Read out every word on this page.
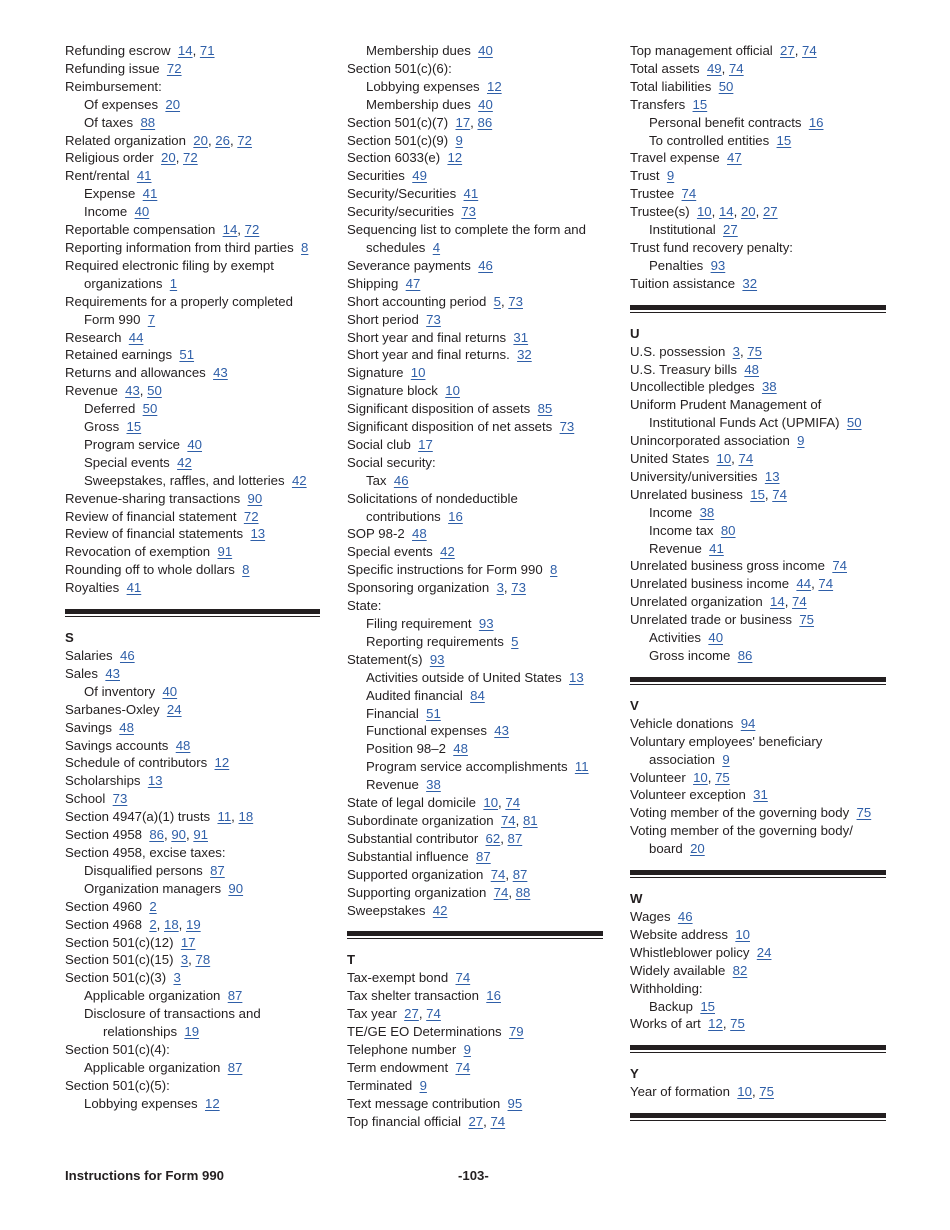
Refunding escrow 14, 71
Refunding issue 72
Reimbursement:
Of expenses 20
Of taxes 88
Related organization 20, 26, 72
Religious order 20, 72
Rent/rental 41
Expense 41
Income 40
Reportable compensation 14, 72
Reporting information from third parties 8
Required electronic filing by exempt organizations 1
Requirements for a properly completed Form 990 7
Research 44
Retained earnings 51
Returns and allowances 43
Revenue 43, 50
Deferred 50
Gross 15
Program service 40
Special events 42
Sweepstakes, raffles, and lotteries 42
Revenue-sharing transactions 90
Review of financial statement 72
Review of financial statements 13
Revocation of exemption 91
Rounding off to whole dollars 8
Royalties 41
S
Salaries 46
Sales 43
Of inventory 40
Sarbanes-Oxley 24
Savings 48
Savings accounts 48
Schedule of contributors 12
Scholarships 13
School 73
Section 4947(a)(1) trusts 11, 18
Section 4958 86, 90, 91
Section 4958, excise taxes:
Disqualified persons 87
Organization managers 90
Section 4960 2
Section 4968 2, 18, 19
Section 501(c)(12) 17
Section 501(c)(15) 3, 78
Section 501(c)(3) 3
Applicable organization 87
Disclosure of transactions and relationships 19
Section 501(c)(4):
Applicable organization 87
Section 501(c)(5):
Lobbying expenses 12
Membership dues 40
Section 501(c)(6):
Lobbying expenses 12
Membership dues 40
Section 501(c)(7) 17, 86
Section 501(c)(9) 9
Section 6033(e) 12
Securities 49
Security/Securities 41
Security/securities 73
Sequencing list to complete the form and schedules 4
Severance payments 46
Shipping 47
Short accounting period 5, 73
Short period 73
Short year and final returns 31
Short year and final returns. 32
Signature 10
Signature block 10
Significant disposition of assets 85
Significant disposition of net assets 73
Social club 17
Social security:
Tax 46
Solicitations of nondeductible contributions 16
SOP 98-2 48
Special events 42
Specific instructions for Form 990 8
Sponsoring organization 3, 73
State:
Filing requirement 93
Reporting requirements 5
Statement(s) 93
Activities outside of United States 13
Audited financial 84
Financial 51
Functional expenses 43
Position 98–2 48
Program service accomplishments 11
Revenue 38
State of legal domicile 10, 74
Subordinate organization 74, 81
Substantial contributor 62, 87
Substantial influence 87
Supported organization 74, 87
Supporting organization 74, 88
Sweepstakes 42
T
Tax-exempt bond 74
Tax shelter transaction 16
Tax year 27, 74
TE/GE EO Determinations 79
Telephone number 9
Term endowment 74
Terminated 9
Text message contribution 95
Top financial official 27, 74
Top management official 27, 74
Total assets 49, 74
Total liabilities 50
Transfers 15
Personal benefit contracts 16
To controlled entities 15
Travel expense 47
Trust 9
Trustee 74
Trustee(s) 10, 14, 20, 27
Institutional 27
Trust fund recovery penalty:
Penalties 93
Tuition assistance 32
U
U.S. possession 3, 75
U.S. Treasury bills 48
Uncollectible pledges 38
Uniform Prudent Management of Institutional Funds Act (UPMIFA) 50
Unincorporated association 9
United States 10, 74
University/universities 13
Unrelated business 15, 74
Income 38
Income tax 80
Revenue 41
Unrelated business gross income 74
Unrelated business income 44, 74
Unrelated organization 14, 74
Unrelated trade or business 75
Activities 40
Gross income 86
V
Vehicle donations 94
Voluntary employees' beneficiary association 9
Volunteer 10, 75
Volunteer exception 31
Voting member of the governing body 75
Voting member of the governing body/ board 20
W
Wages 46
Website address 10
Whistleblower policy 24
Widely available 82
Withholding:
Backup 15
Works of art 12, 75
Y
Year of formation 10, 75
Instructions for Form 990	-103-
